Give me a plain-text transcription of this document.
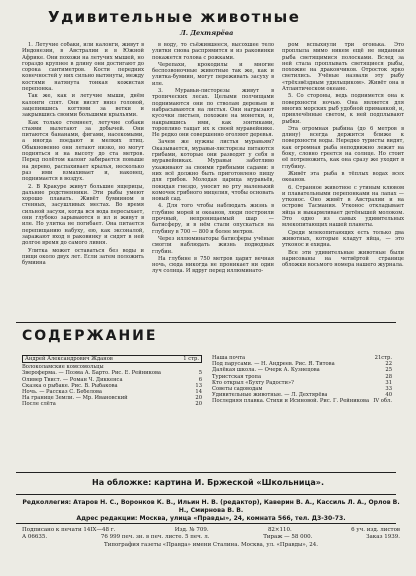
Удивительные животные
Л. Дехтярёва

1. Летучие собаки, или калонги, живут в Индонезии, в Австралии и в Южной Африке. Они похожи на летучих мышей, но гораздо крупнее в длину они достигают до сорока сантиметров. Кости передних конечностей у них сильно вытянуты, между костями натянута тонкая кожистая перепонка.

Так же, как и летучие мыши, днём калонги спят. Они висят вниз головой, зацепившись когтями за ветки и закрывшись своими большими крыльями.

Как только стемнеет, летучие собаки стаями вылетают за добычей. Они питаются бананами, фигами, насекомыми, а иногда поедают и мелких птиц. Обыкновенно они летают низко, но могут подняться и на высоту до ста метров. Перед полётом калонг забирается повыше на дерево, распахивает крылья, несколько раз ими взмахивает и, наконец, поднимается в воздух.

2. В Кракуре живут большие ящерицы, дальние родственники. Эти рыбы умеют хорошо плавать. Живёт бумиином в стенных, засушливых местах. Во время сильной засухи, когда вся вода пересыхает, они глубоко зарываются в ил и живут в иле. Но улитка не погибает. Она питается перепищанию набуху, ею, как эксоналой, заражают вход в раковинку и сидят в ней долгое время до самого ливня.

Улитка может оставаться без воды и пищи около двух лет. Если затем положить бумиина

в воду, то съёжившееся, высохшее тело улитки снова распрямится и из раковинки покажется голова с рожками.

Черепахи, крокодилы и многие беспозвоночные животные так же, как и улитка-бумиин, могут переживать засуху в иле.

3. Муравьи-листорезы живут в тропических лесах. Целыми полчищами поднимаются они по стволам деревьев и набрасываются на листья. Они нагрызают кусочки листьев, похожие на монетки, и, накрывшись ими, как зонтиками, торопливо тащат их к своей муравейнике. Не редко они совершенно оголяют деревья.

Зачем же нужны листья муравьям? Оказывается, муравьи-листорезы питаются грибами, которые они разводят у себя в муравейниках. Муравьи заботливо ухаживают за своими грибными садами: в них всё должно быть приготовлено пищу для грибов. Молодая царица муравьёв, покидая гнездо, уносит во рту маленький комочек грибного мицелия, чтобы основать новый сад.

4. Для того чтобы наблюдать жизнь в глубине морей и океанов, люди построили прочный, непроницаемый шар — батисферу, и в нём стали опускаться на глубину в 700 — 800 и более метров.

Через иллюминаторы батисферы учёные смогли наблюдать жизнь подводных глубин.

На глубине в 750 метров царит вечная ночь, сюда никогда не проникает ни один луч солнца. И вдруг перед иллюминато-

ром вспыхнули три огонька. Это проплыла мимо никем ещё не виданная рыба светящимися полосками. Вслед за ней стала проплывать светящиеся рыбы, похожие на дракончиков. Отросток ярко светились. Учёные назвали эту рыбу «трёхзвёздным удильщиком». Живёт она в Атлантическом океане.

5. Со стороны, ведь поднимется она к поверхности ночью. Она является для многих морских рыб удобной приманкой, и, привлечённые светом, к ней подплывают рыбки.

Эта огромная рыбина (до 6 метров в длину) всегда держится ближе к поверхности воды. Нередко туристы видят, как огромная рыба неподвижно лежит на боку, словно греется на солнце. Но стоит её потревожить, как она сразу же уходит в глубину.

Живёт эта рыба в тёплых водах всех океанов.

6. Странное животное с утиным клювом и плавательными перепонками на лапах — утконос. Оно живёт в Австралии и на острове Тасмания. Утконос откладывает яйца и выкармливает детёнышей молоком. Это одно из самых удивительных млекопитающих нашей планеты.

Среди млекопитающих есть только два животных, которые кладут яйца, — это утконос и ехидна.

Все эти удивительные животные были нарисованы на четвёртой странице обложки восьмого номера нашего журнала.

СОДЕРЖАНИЕ
Андрей Александрович Жданов	1 стр.
Волоколамские комсомольцы
Звероферма. — Поэма А. Барто. Рис. Е. Рейникова	5
Оливер Твист. — Роман Ч. Диккенса	6
Сказка о рыбаке. Рис. В. Рыбакова	13
Ночь. — Рассказ С. Бебелова	14
На границе Земли. — Мр. Ивановский	20
После слёта	20
Наша почта	21стр.
Под парусами. — Н. Андреев. Рис. Я. Титова	22
Далёкая школа. — Очерк А. Кузнецова	25
Туристская тропа	28
Кто открыл «Бухту Радости»?	31
Советы садоводам	33
Удивительные животные. — Л. Дехтярёва	40
Последняя плавка. Стихи и Исиновой. Рис. Г. Рейникова IV обл.
На обложке: картина И. Бржеской «Школьница».
Редколлегия: Атаров Н. С., Воронков К. В., Ильин Н. В. (редактор), Каверин В. А., Кассиль Л. А., Орлов В. Н., Смирнова В. В.
Адрес редакции: Москва, улица «Правды», 24, комната 566, тел. Д3-30-73.
Подписано к печати 14IX—48 г.	Изд. № 709.	82×110.	6 уч. изд. листов
А 06635.	76 999 печ. зн. в печ. листе. 5 печ. л.	Тираж — 58 000.	Заказ 1939.
Типография газеты «Правда» имени Сталина. Москва, ул. «Правды», 24.
